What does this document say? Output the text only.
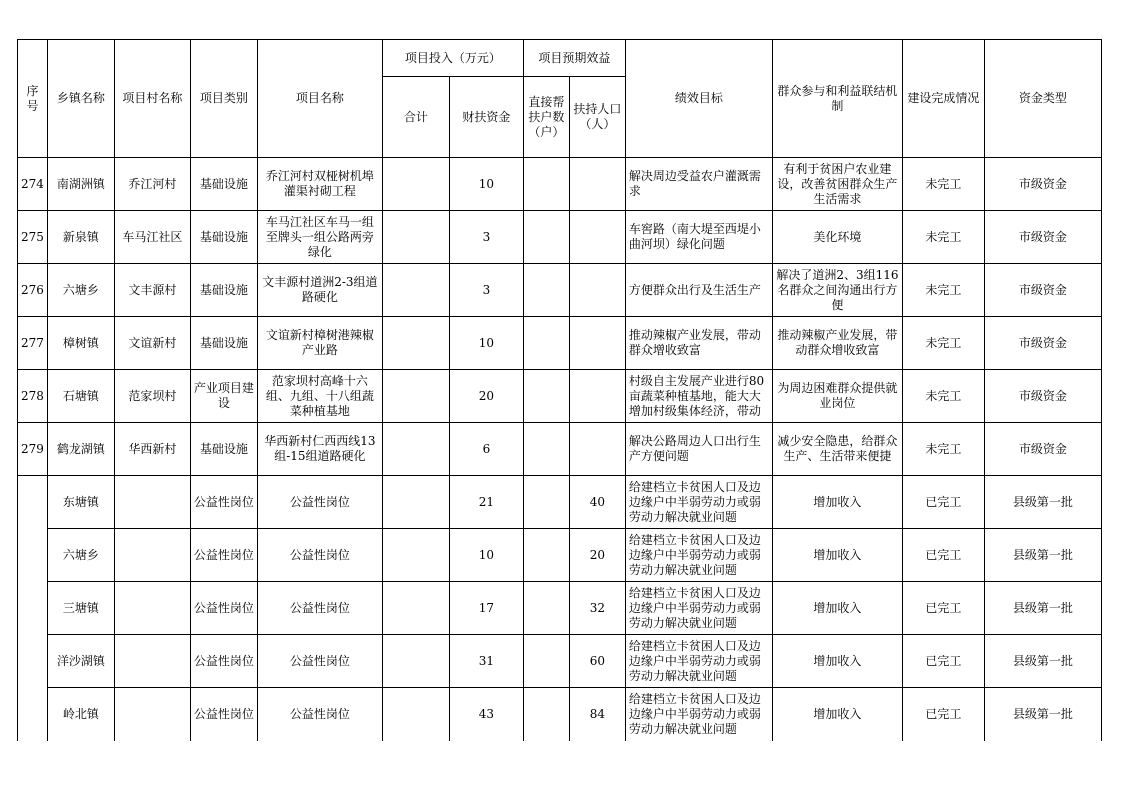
序号	乡镇名称	项目村名称	项目类别	项目名称	项目投入（万元）		项目预期效益		绩效目标	群众参与和利益联结机制	建设完成情况	资金类型
					合计	财扶资金	直接帮扶户数（户）	扶持人口（人）				
274	南湖洲镇	乔江河村	基础设施	乔江河村双桠树机埠灌渠衬砌工程		10			解决周边受益农户灌溉需求	有利于贫困户农业建设，改善贫困群众生产生活需求	未完工	市级资金
275	新泉镇	车马江社区	基础设施	车马江社区车马一组至牌头一组公路两旁绿化		3			车窖路（南大堤至西堤小曲河坝）绿化问题	美化环境	未完工	市级资金
276	六塘乡	文丰源村	基础设施	文丰源村道洲2-3组道路硬化		3			方便群众出行及生活生产	解决了道洲2、3组116名群众之间沟通出行方便	未完工	市级资金
277	樟树镇	文谊新村	基础设施	文谊新村樟树港辣椒产业路		10			推动辣椒产业发展，带动群众增收致富	推动辣椒产业发展，带动群众增收致富	未完工	市级资金
278	石塘镇	范家坝村	产业项目建设	范家坝村高峰十六组、九组、十八组蔬菜种植基地		20			村级自主发展产业进行80亩蔬菜种植基地，能大大增加村级集体经济，带动	为周边困难群众提供就业岗位	未完工	市级资金
279	鹤龙湖镇	华西新村	基础设施	华西新村仁西西线13组-15组道路硬化		6			解决公路周边人口出行生产方便问题	减少安全隐患，给群众生产、生活带来便捷	未完工	市级资金
	东塘镇		公益性岗位	公益性岗位		21		40	给建档立卡贫困人口及边边缘户中半弱劳动力或弱劳动力解决就业问题	增加收入	已完工	县级第一批
	六塘乡		公益性岗位	公益性岗位		10		20	给建档立卡贫困人口及边边缘户中半弱劳动力或弱劳动力解决就业问题	增加收入	已完工	县级第一批
	三塘镇		公益性岗位	公益性岗位		17		32	给建档立卡贫困人口及边边缘户中半弱劳动力或弱劳动力解决就业问题	增加收入	已完工	县级第一批
	洋沙湖镇		公益性岗位	公益性岗位		31		60	给建档立卡贫困人口及边边缘户中半弱劳动力或弱劳动力解决就业问题	增加收入	已完工	县级第一批
	岭北镇		公益性岗位	公益性岗位		43		84	给建档立卡贫困人口及边边缘户中半弱劳动力或弱劳动力解决就业问题	增加收入	已完工	县级第一批
